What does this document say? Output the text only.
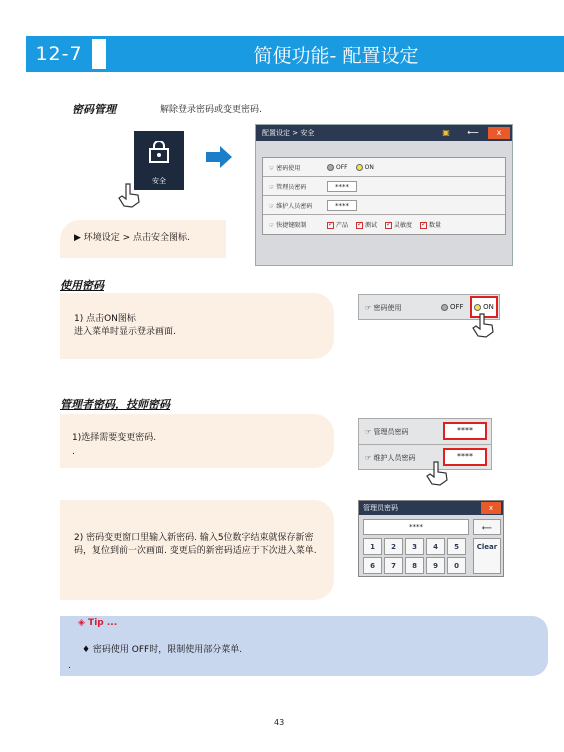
12-7	简便功能- 配置设定
密码管理	解除登录密码或变更密码.
安全
▶ 环境设定 > 点击安全图标.
配置设定 > 安全	▣	⟵	x
☞ 密码使用	OFF	ON
☞ 管理员密码	****
☞ 维护人员密码	****
☞ 快捷键限制 ✓	产品 ✓	测试 ✓	灵敏度 ✓	数量
使用密码
1) 点击ON图标
进入菜单时显示登录画面.
☞ 密码使用	OFF	ON
管理者密码，技师密码
1)选择需要变更密码.
.
☞ 管理员密码	****
☞ 维护人员密码	****
2) 密码变更窗口里输入新密码. 输入5位数字结束就保存新密码，复位到前一次画面. 变更后的新密码适应于下次进入菜单.
管理员密码	x
****	⟵
1	2	3	4	5
6	7	8	9	0
Clear
◈ Tip ...
♦ 密码使用 OFF时，限制使用部分菜单.
.
43
